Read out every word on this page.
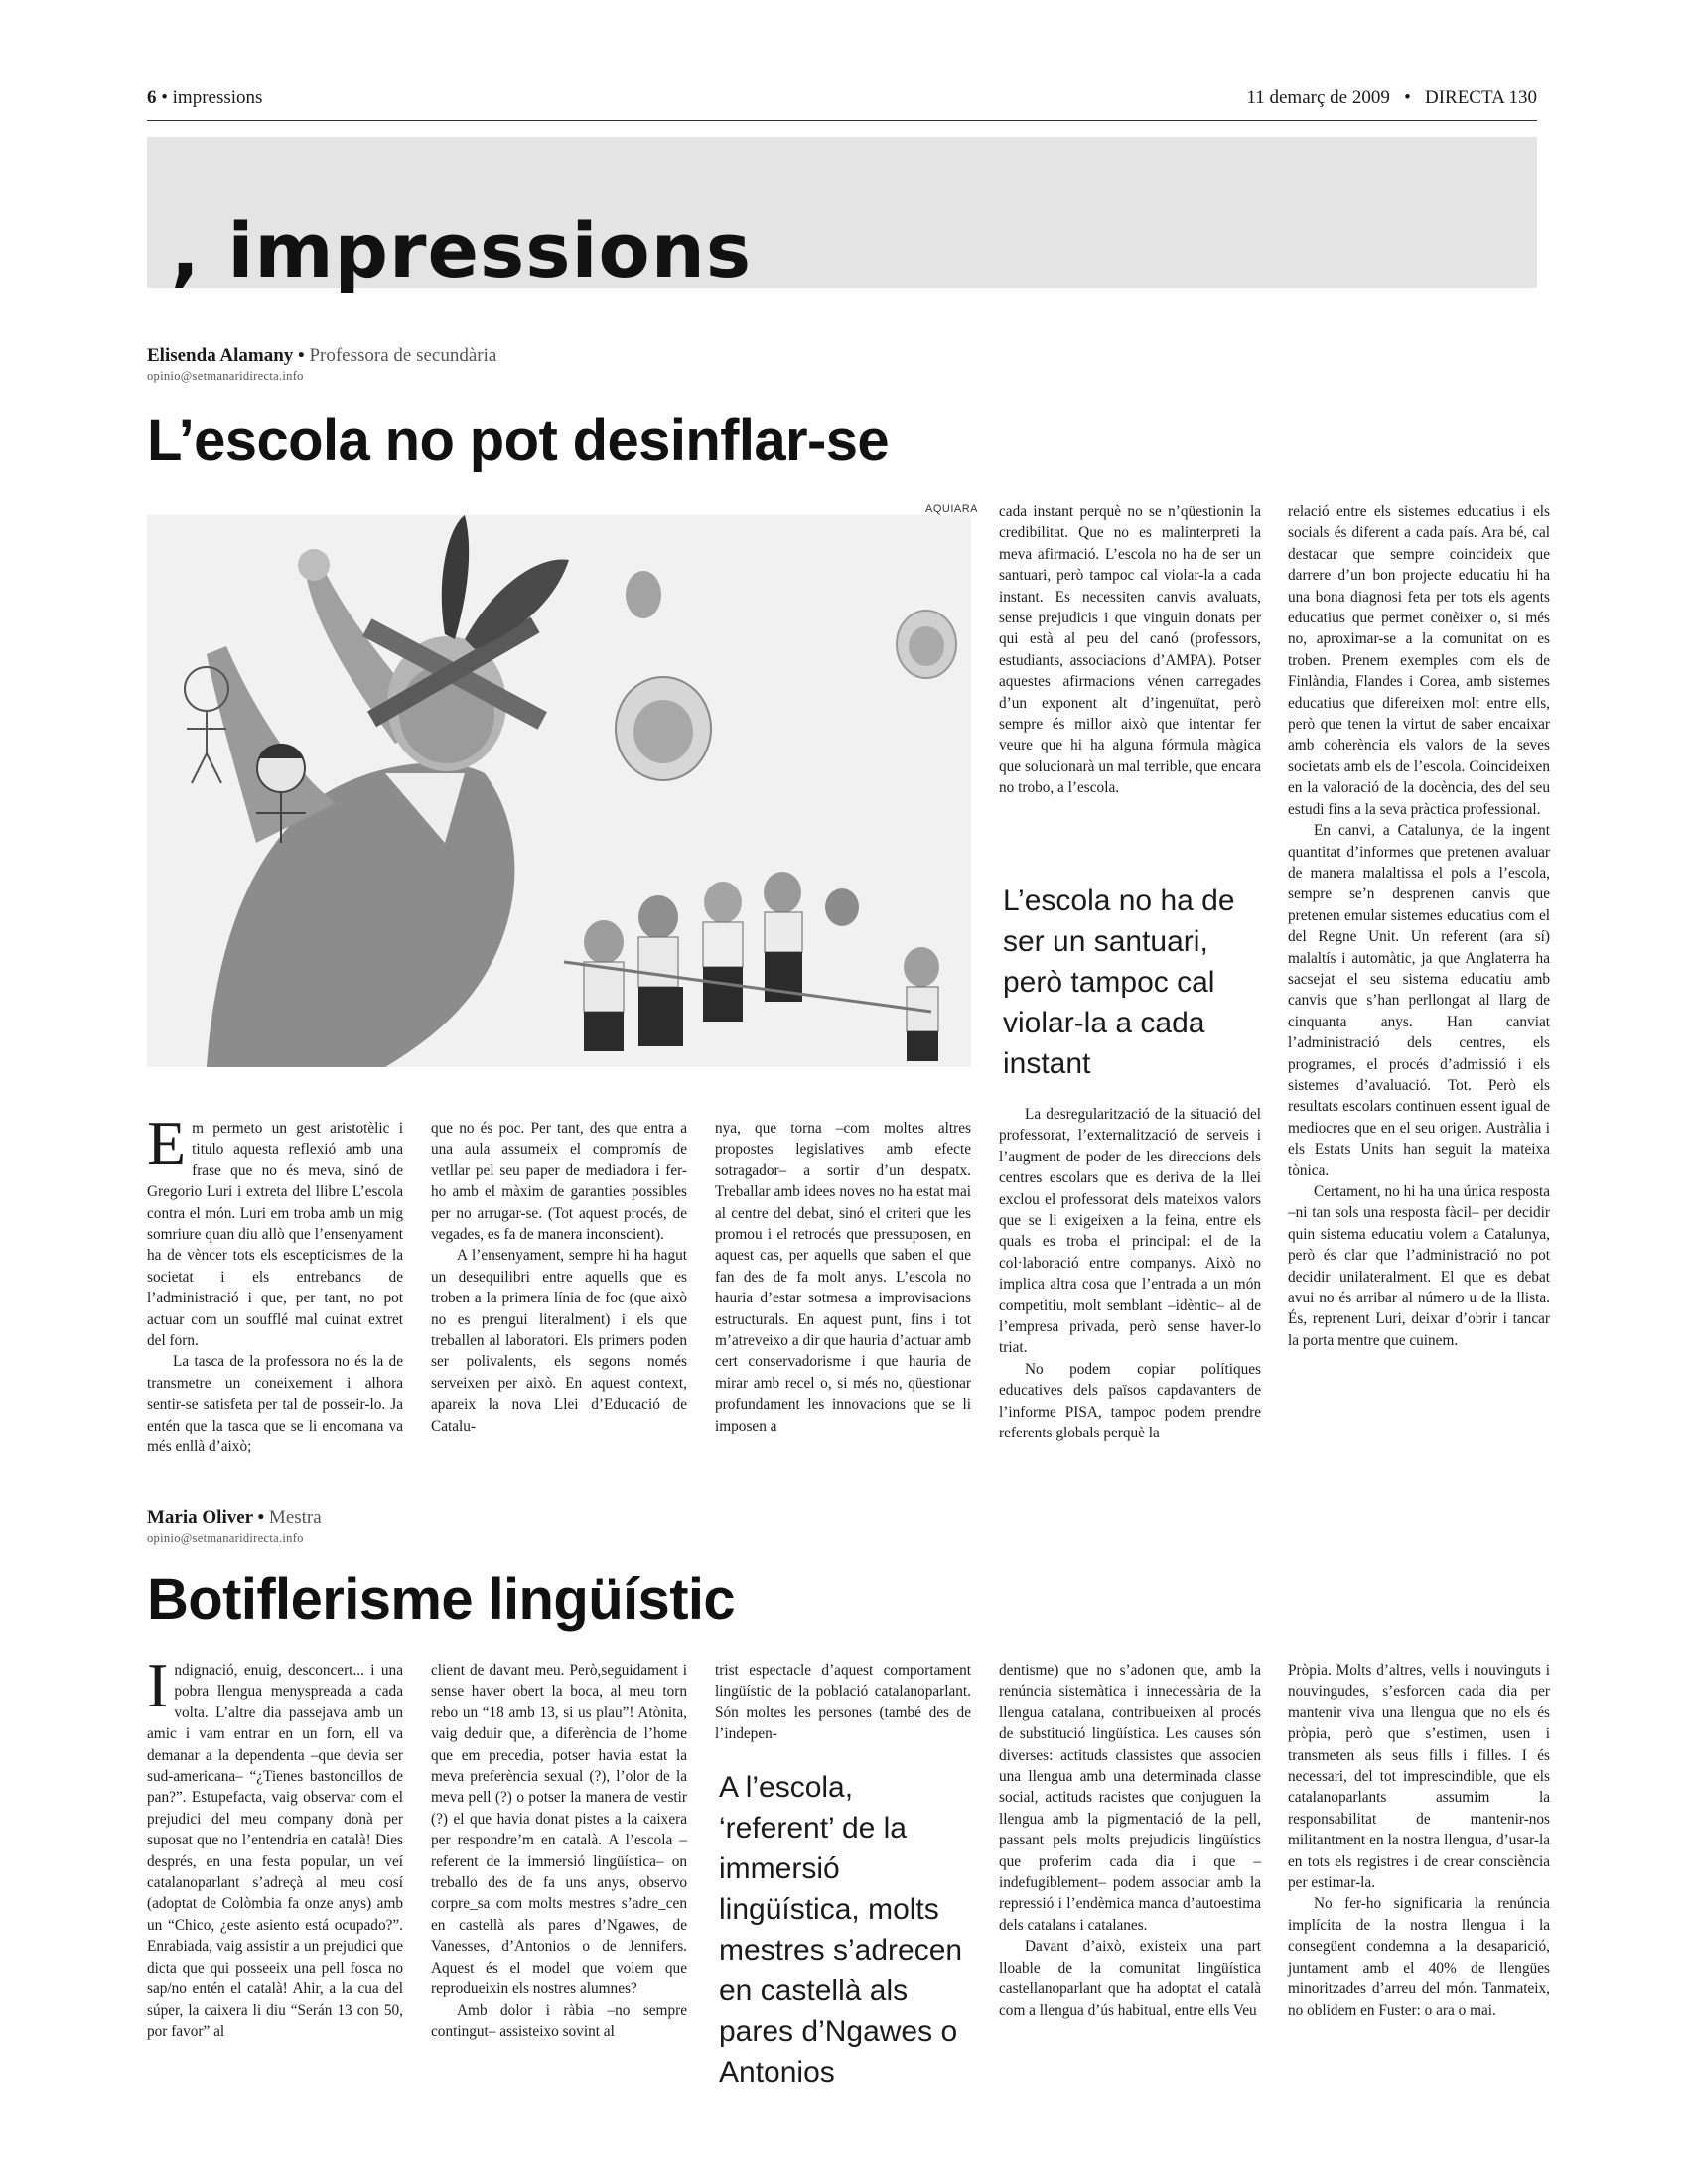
6 • impressions	11 demarç de 2009   •   DIRECTA 130
, impressions
Elisenda Alamany • Professora de secundària
opinio@setmanaridirecta.info
L’escola no pot desinflar-se
AQUIARA

Em permeto un gest aristotèlic i titulo aquesta reflexió amb una frase que no és meva, sinó de Gregorio Luri i extreta del llibre L’escola contra el món. Luri em troba amb un mig somriure quan diu allò que l’ensenyament ha de vèncer tots els escepticismes de la societat i els entrebancs de l’administració i que, per tant, no pot actuar com un soufflé mal cuinat extret del forn.

La tasca de la professora no és la de transmetre un coneixement i alhora sentir-se satisfeta per tal de posseir-lo. Ja entén que la tasca que se li encomana va més enllà d’això;

que no és poc. Per tant, des que entra a una aula assumeix el compromís de vetllar pel seu paper de mediadora i fer-ho amb el màxim de garanties possibles per no arrugar-se. (Tot aquest procés, de vegades, es fa de manera inconscient).

A l’ensenyament, sempre hi ha hagut un desequilibri entre aquells que es troben a la primera línia de foc (que això no es prengui literalment) i els que treballen al laboratori. Els primers poden ser polivalents, els segons només serveixen per això. En aquest context, apareix la nova Llei d’Educació de Catalu-

nya, que torna –com moltes altres propostes legislatives amb efecte sotragador– a sortir d’un despatx. Treballar amb idees noves no ha estat mai al centre del debat, sinó el criteri que les promou i el retrocés que pressuposen, en aquest cas, per aquells que saben el que fan des de fa molt anys. L’escola no hauria d’estar sotmesa a improvisacions estructurals. En aquest punt, fins i tot m’atreveixo a dir que hauria d’actuar amb cert conservadorisme i que hauria de mirar amb recel o, si més no, qüestionar profundament les innovacions que se li imposen a

cada instant perquè no se n’qüestionin la credibilitat. Que no es malinterpreti la meva afirmació. L’escola no ha de ser un santuari, però tampoc cal violar-la a cada instant. Es necessiten canvis avaluats, sense prejudicis i que vinguin donats per qui està al peu del canó (professors, estudiants, associacions d’AMPA). Potser aquestes afirmacions vénen carregades d’un exponent alt d’ingenuïtat, però sempre és millor això que intentar fer veure que hi ha alguna fórmula màgica que solucionarà un mal terrible, que encara no trobo, a l’escola.

L’escola no ha de ser un santuari, però tampoc cal violar-la a cada instant

La desregularització de la situació del professorat, l’externalització de serveis i l’augment de poder de les direccions dels centres escolars que es deriva de la llei exclou el professorat dels mateixos valors que se li exigeixen a la feina, entre els quals es troba el principal: el de la col·laboració entre companys. Això no implica altra cosa que l’entrada a un món competitiu, molt semblant –idèntic– al de l’empresa privada, però sense haver-lo triat.

No podem copiar polítiques educatives dels països capdavanters de l’informe PISA, tampoc podem prendre referents globals perquè la

relació entre els sistemes educatius i els socials és diferent a cada país. Ara bé, cal destacar que sempre coincideix que darrere d’un bon projecte educatiu hi ha una bona diagnosi feta per tots els agents educatius que permet conèixer o, si més no, aproximar-se a la comunitat on es troben. Prenem exemples com els de Finlàndia, Flandes i Corea, amb sistemes educatius que difereixen molt entre ells, però que tenen la virtut de saber encaixar amb coherència els valors de la seves societats amb els de l’escola. Coincideixen en la valoració de la docència, des del seu estudi fins a la seva pràctica professional.

En canvi, a Catalunya, de la ingent quantitat d’informes que pretenen avaluar de manera malaltissa el pols a l’escola, sempre se’n desprenen canvis que pretenen emular sistemes educatius com el del Regne Unit. Un referent (ara sí) malaltís i automàtic, ja que Anglaterra ha sacsejat el seu sistema educatiu amb canvis que s’han perllongat al llarg de cinquanta anys. Han canviat l’administració dels centres, els programes, el procés d’admissió i els sistemes d’avaluació. Tot. Però els resultats escolars continuen essent igual de mediocres que en el seu origen. Austràlia i els Estats Units han seguit la mateixa tònica.

Certament, no hi ha una única resposta –ni tan sols una resposta fàcil– per decidir quin sistema educatiu volem a Catalunya, però és clar que l’administració no pot decidir unilateralment. El que es debat avui no és arribar al número u de la llista. És, reprenent Luri, deixar d’obrir i tancar la porta mentre que cuinem.

Maria Oliver • Mestra
opinio@setmanaridirecta.info
Botiflerisme lingüístic

Indignació, enuig, desconcert... i una pobra llengua menyspreada a cada volta. L’altre dia passejava amb un amic i vam entrar en un forn, ell va demanar a la dependenta –que devia ser sud-americana– “¿Tienes bastoncillos de pan?”. Estupefacta, vaig observar com el prejudici del meu company donà per suposat que no l’entendria en català! Dies després, en una festa popular, un veí catalanoparlant s’adreçà al meu cosí (adoptat de Colòmbia fa onze anys) amb un “Chico, ¿este asiento está ocupado?”. Enrabiada, vaig assistir a un prejudici que dicta que qui posseeix una pell fosca no sap/no entén el català! Ahir, a la cua del súper, la caixera li diu “Serán 13 con 50, por favor” al

client de davant meu. Però,seguidament i sense haver obert la boca, al meu torn rebo un “18 amb 13, si us plau”! Atònita, vaig deduir que, a diferència de l’home que em precedia, potser havia estat la meva preferència sexual (?), l’olor de la meva pell (?) o potser la manera de vestir (?) el que havia donat pistes a la caixera per respondre’m en català. A l’escola –referent de la immersió lingüística– on treballo des de fa uns anys, observo corpre_sa com molts mestres s’adre_cen en castellà als pares d’Ngawes, de Vanesses, d’Antonios o de Jennifers. Aquest és el model que volem que reprodueixin els nostres alumnes?

Amb dolor i ràbia –no sempre contingut– assisteixo sovint al

trist espectacle d’aquest comportament lingüístic de la població catalanoparlant. Són moltes les persones (també des de l’indepen-

A l’escola, ‘referent’ de la immersió lingüística, molts mestres s’adrecen en castellà als pares d’Ngawes o Antonios

dentisme) que no s’adonen que, amb la renúncia sistemàtica i innecessària de la llengua catalana, contribueixen al procés de substitució lingüística. Les causes són diverses: actituds classistes que associen una llengua amb una determinada classe social, actituds racistes que conjuguen la llengua amb la pigmentació de la pell, passant pels molts prejudicis lingüístics que proferim cada dia i que –indefugiblement– podem associar amb la repressió i l’endèmica manca d’autoestima dels catalans i catalanes.

Davant d’això, existeix una part lloable de la comunitat lingüística castellanoparlant que ha adoptat el català com a llengua d’ús habitual, entre ells Veu

Pròpia. Molts d’altres, vells i nouvinguts i nouvingudes, s’esforcen cada dia per mantenir viva una llengua que no els és pròpia, però que s’estimen, usen i transmeten als seus fills i filles. I és necessari, del tot imprescindible, que els catalanoparlants assumim la responsabilitat de mantenir-nos militantment en la nostra llengua, d’usar-la en tots els registres i de crear consciència per estimar-la.

No fer-ho significaria la renúncia implícita de la nostra llengua i la consegüent condemna a la desaparició, juntament amb el 40% de llengües minoritzades d’arreu del món. Tanmateix, no oblidem en Fuster: o ara o mai.
